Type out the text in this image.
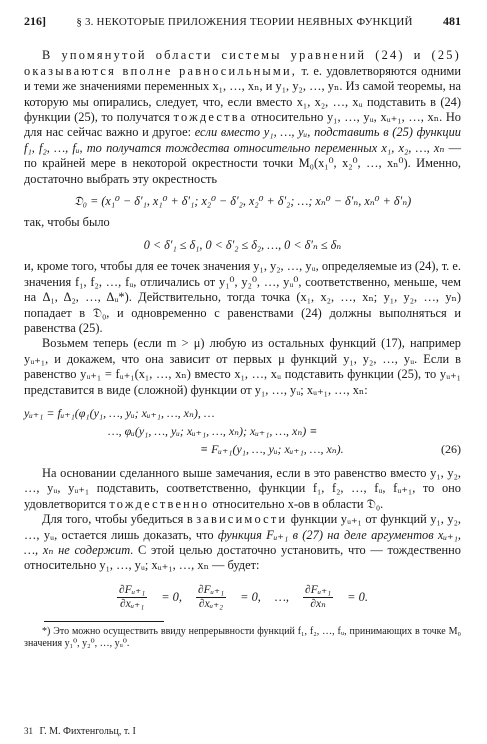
216]	§ 3. НЕКОТОРЫЕ ПРИЛОЖЕНИЯ ТЕОРИИ НЕЯВНЫХ ФУНКЦИЙ	481

В упомянутой области системы уравнений (24) и (25) оказываются вполне равносильными, т. е. удовлетворяются одними и теми же значениями переменных x₁, …, xₙ, и y₁, y₂, …, yₙ. Из самой теоремы, на которую мы опирались, следует, что, если вместо x₁, x₂, …, xᵤ подставить в (24) функции (25), то получатся тождества относительно y₁, …, yᵤ, xᵤ₊₁, …, xₙ. Но для нас сейчас важно и другое: если вместо y₁, …, yᵤ, подставить в (25) функции f₁, f₂, …, fᵤ, то получатся тождества относительно переменных x₁, x₂, …, xₙ — по крайней мере в некоторой окрестности точки M₀(x₁⁰, x₂⁰, …, xₙ⁰). Именно, достаточно выбрать эту окрестность

𝔇₀ = (x₁⁰ − δ′₁, x₁⁰ + δ′₁; x₂⁰ − δ′₂, x₂⁰ + δ′₂; …; xₙ⁰ − δ′ₙ, xₙ⁰ + δ′ₙ)

так, чтобы было

0 < δ′₁ ≤ δ₁, 0 < δ′₂ ≤ δ₂, …, 0 < δ′ₙ ≤ δₙ

и, кроме того, чтобы для ее точек значения y₁, y₂, …, yᵤ, определяемые из (24), т. е. значения f₁, f₂, …, fᵤ, отличались от y₁⁰, y₂⁰, …, yᵤ⁰, соответственно, меньше, чем на Δ₁, Δ₂, …, Δᵤ*). Действительно, тогда точка (x₁, x₂, …, xₙ; y₁, y₂, …, yₙ) попадает в 𝔇₀, и одновременно с равенствами (24) должны выполняться и равенства (25).

Возьмем теперь (если m > μ) любую из остальных функций (17), например yᵤ₊₁, и докажем, что она зависит от первых μ функций y₁, y₂, …, yᵤ. Если в равенство yᵤ₊₁ = fᵤ₊₁(x₁, …, xₙ) вместо x₁, …, xᵤ подставить функции (25), то yᵤ₊₁ представится в виде (сложной) функции от y₁, …, yᵤ; xᵤ₊₁, …, xₙ:

yᵤ₊₁ = fᵤ₊₁(φ₁(y₁, …, yᵤ; xᵤ₊₁, …, xₙ), …
…, φᵤ(y₁, …, yᵤ; xᵤ₊₁, …, xₙ); xᵤ₊₁, …, xₙ) ≡
≡ Fᵤ₊₁(y₁, …, yᵤ; xᵤ₊₁, …, xₙ).	(26)

На основании сделанного выше замечания, если в это равенство вместо y₁, y₂, …, yᵤ, yᵤ₊₁ подставить, соответственно, функции f₁, f₂, …, fᵤ, fᵤ₊₁, то оно удовлетворится тождественно относительно x-ов в области 𝔇₀.

Для того, чтобы убедиться в зависимости функции yᵤ₊₁ от функций y₁, y₂, …, yᵤ, остается лишь доказать, что функция Fᵤ₊₁ в (27) на деле аргументов xᵤ₊₁, …, xₙ не содержит. С этой целью достаточно установить, что — тождественно относительно y₁, …, yᵤ; xᵤ₊₁, …, xₙ — будет:

$\frac{\text{∂Fᵤ₊₁}}{\text{∂xᵤ₊₁}} = 0$, $\frac{\text{∂Fᵤ₊₁}}{\text{∂xᵤ₊₂}} = 0$, …, $\frac{\text{∂Fᵤ₊₁}}{\text{∂xₙ}} = 0$.

*) Это можно осуществить ввиду непрерывности функций f₁, f₂, …, fᵤ, принимающих в точке M₀ значения y₁⁰, y₂⁰, …, yᵤ⁰.

31 Г. М. Фихтенгольц, т. I
